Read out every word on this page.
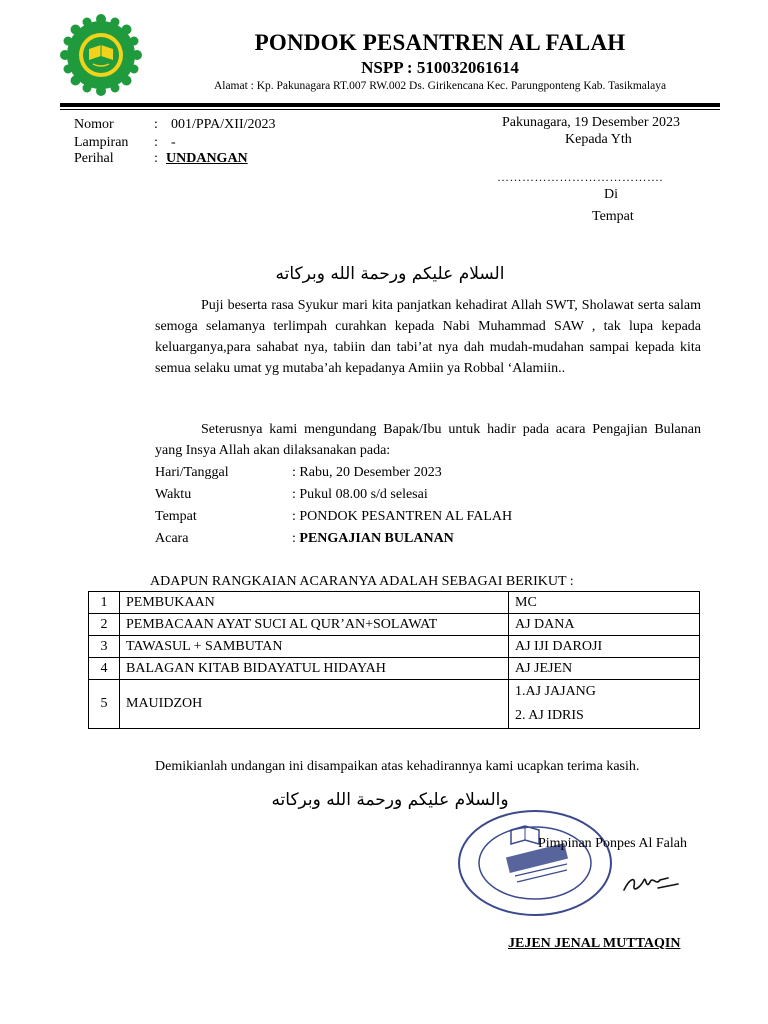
PONDOK PESANTREN AL FALAH
NSPP : 510032061614
Alamat : Kp. Pakunagara RT.007 RW.002 Ds. Girikencana Kec. Parungponteng Kab. Tasikmalaya
Nomor	: 001/PPA/XII/2023
Lampiran : -
Perihal	: UNDANGAN
Pakunagara, 19 Desember 2023
Kepada Yth
………………………………….
Di
Tempat
السلام عليكم ورحمة الله وبركاته

Puji beserta rasa Syukur mari kita panjatkan kehadirat Allah SWT, Sholawat serta salam semoga selamanya terlimpah curahkan kepada Nabi Muhammad SAW , tak lupa kepada keluarganya,para sahabat nya, tabiin dan tabi’at nya dah mudah-mudahan sampai kepada kita semua selaku umat yg mutaba’ah kepadanya Amiin ya Robbal ‘Alamiin..

Seterusnya kami mengundang Bapak/Ibu untuk hadir pada acara Pengajian Bulanan yang Insya Allah akan dilaksanakan pada:

Hari/Tanggal	: Rabu, 20 Desember 2023
Waktu	: Pukul 08.00 s/d selesai
Tempat	: PONDOK PESANTREN AL FALAH
Acara	: PENGAJIAN BULANAN
ADAPUN RANGKAIAN ACARANYA ADALAH SEBAGAI BERIKUT :
1	PEMBUKAAN	MC
2	PEMBACAAN AYAT SUCI AL QUR’AN+SOLAWAT	AJ DANA
3	TAWASUL + SAMBUTAN	AJ IJI DAROJI
4	BALAGAN KITAB BIDAYATUL HIDAYAH	AJ JEJEN
5	MAUIDZOH	1.AJ JAJANG
2. AJ IDRIS
Demikianlah undangan ini disampaikan atas kehadirannya kami ucapkan terima kasih.
والسلام عليكم ورحمة الله وبركاته
Pimpinan Ponpes Al Falah
JEJEN JENAL MUTTAQIN
